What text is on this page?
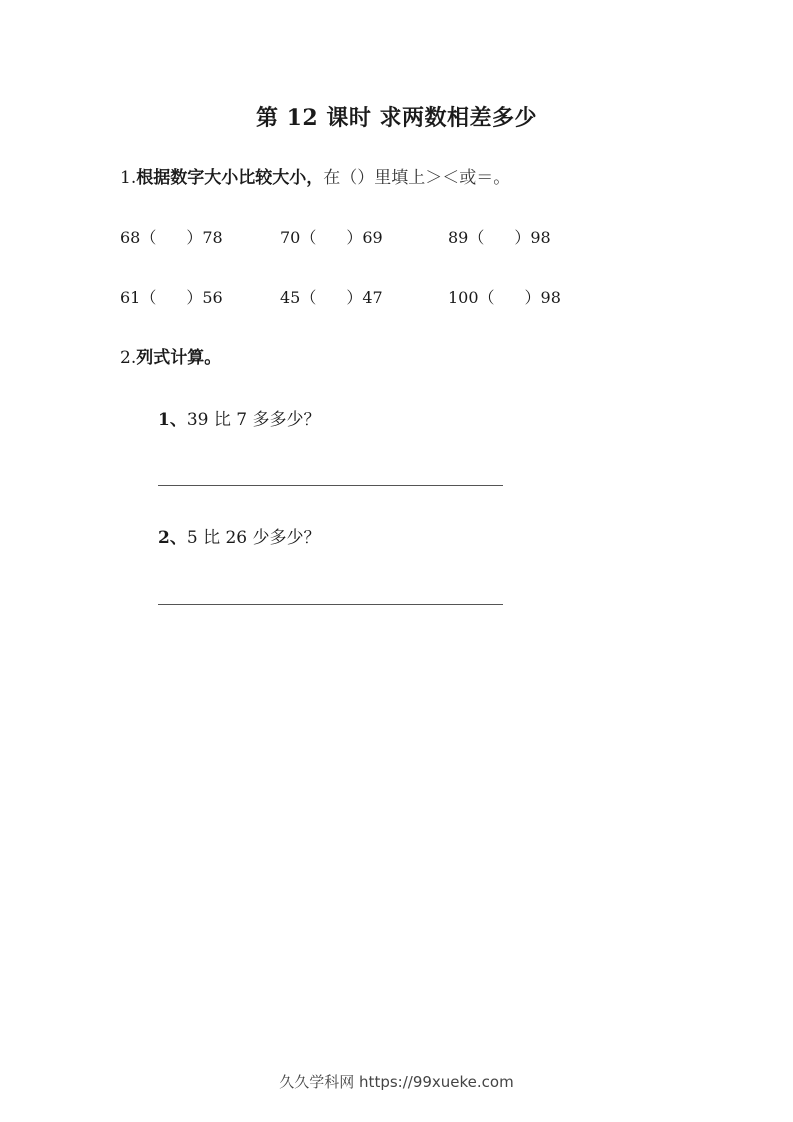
第 12 课时 求两数相差多少
1.根据数字大小比较大小，在（）里填上＞＜或＝。
68（ ）78	70（ ）69	89（ ）98
61（ ）56	45（ ）47	100（ ）98
2.列式计算。
1、39 比 7 多多少？
2、5 比 26 少多少？
久久学科网 https://99xueke.com
